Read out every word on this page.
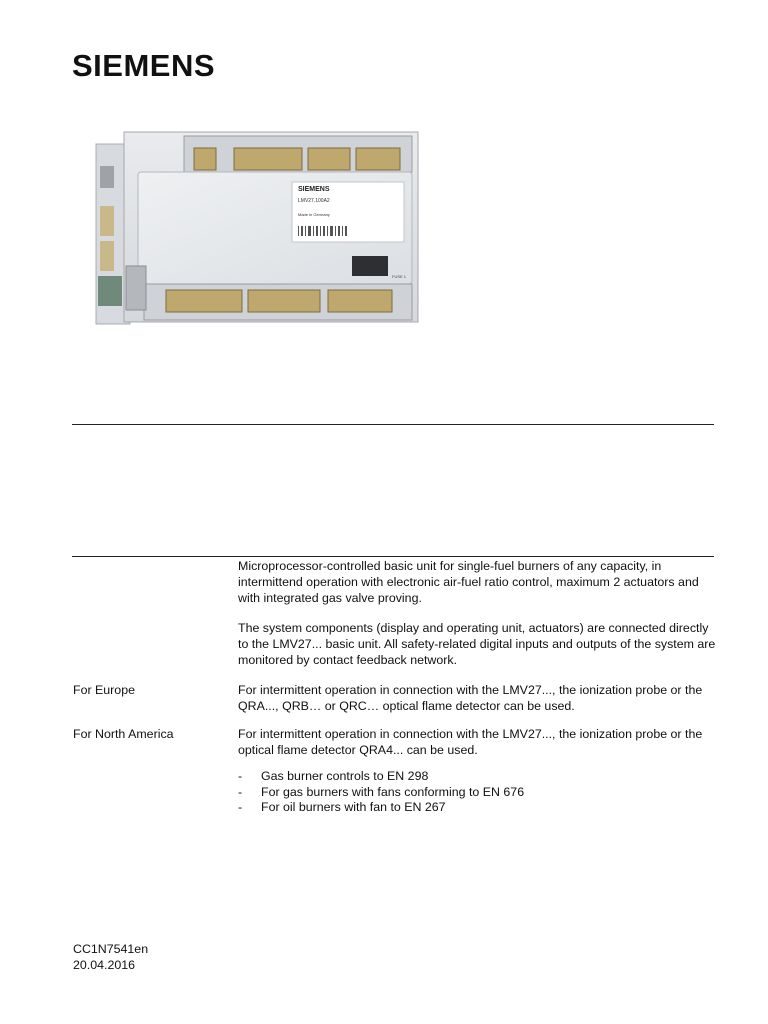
SIEMENS
SIEMENS
LMV27.100A2
Made in Germany
FUSE 1
Microprocessor-controlled basic unit for single-fuel burners of any capacity, in intermittend operation with electronic air-fuel ratio control, maximum 2 actuators and with integrated gas valve proving.
The system components (display and operating unit, actuators) are connected directly to the LMV27... basic unit. All safety-related digital inputs and outputs of the system are monitored by contact feedback network.
For Europe	For intermittent operation in connection with the LMV27..., the ionization probe or the QRA..., QRB… or QRC… optical flame detector can be used.
For North America	For intermittent operation in connection with the LMV27..., the ionization probe or the optical flame detector QRA4... can be used.
- Gas burner controls to EN 298
- For gas burners with fans conforming to EN 676
- For oil burners with fan to EN 267
CC1N7541en
20.04.2016
